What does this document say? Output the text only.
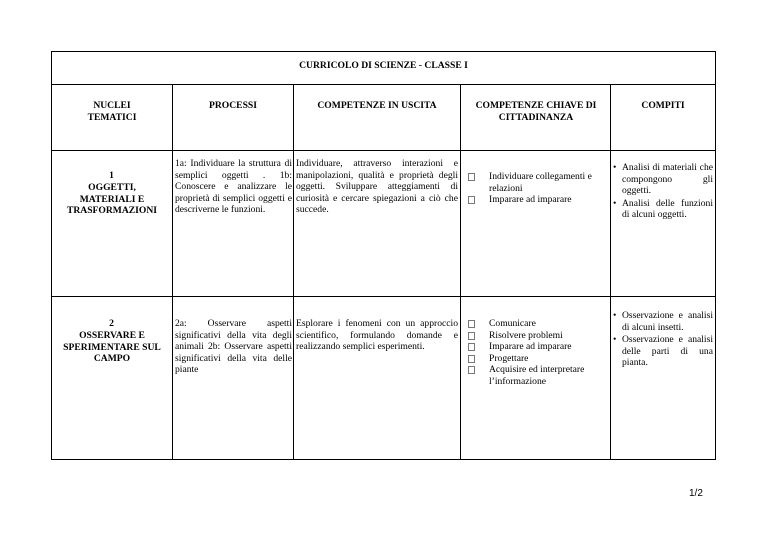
CURRICOLO DI SCIENZE - CLASSE I
NUCLEI TEMATICI
PROCESSI	COMPETENZE IN USCITA	COMPETENZE CHIAVE DI CITTADINANZA
COMPITI
1
OGGETTI, MATERIALI E TRASFORMAZIONI
1a: Individuare la struttura di semplici oggetti . 1b: Conoscere e analizzare le proprietà di semplici oggetti e descriverne le funzioni.
Individuare, attraverso interazioni e manipolazioni, qualità e proprietà degli oggetti. Sviluppare atteggiamenti di curiosità e cercare spiegazioni a ciò che succede.
Individuare collegamenti e relazioni
Imparare ad imparare
• Analisi di materiali che compongono gli oggetti.
• Analisi delle funzioni di alcuni oggetti.
2
OSSERVARE E SPERIMENTARE SUL CAMPO
2a: Osservare aspetti significativi della vita degli animali 2b: Osservare aspetti significativi della vita delle piante
Esplorare i fenomeni con un approccio scientifico, formulando domande e realizzando semplici esperimenti.
Comunicare
Risolvere problemi
Imparare ad imparare
Progettare
Acquisire ed interpretare l’informazione
• Osservazione e analisi di alcuni insetti.
• Osservazione e analisi delle parti di una pianta.
1/2
